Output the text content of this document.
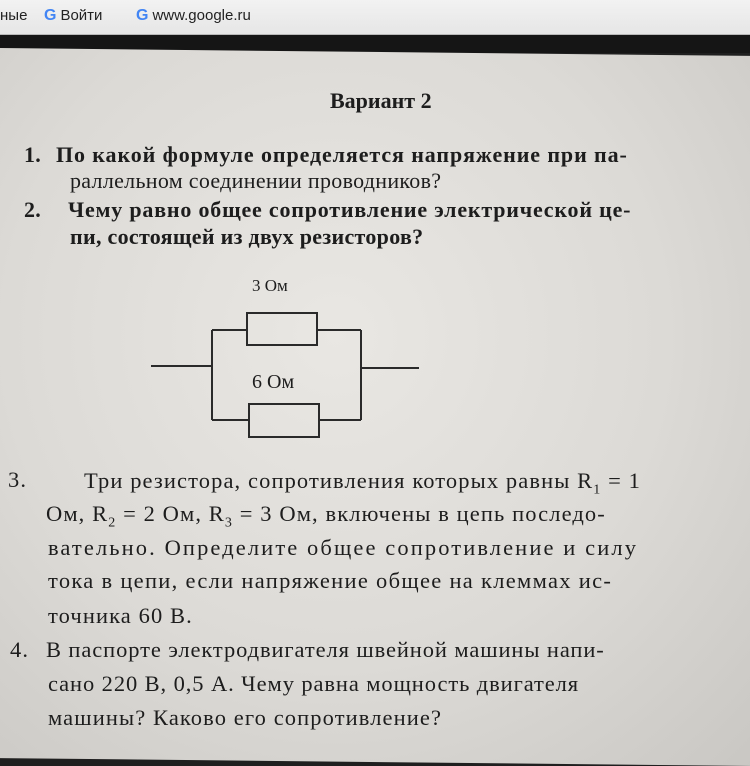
ные G Войти G www.google.ru
Вариант 2
1. По какой формуле определяется напряжение при па-
раллельном соединении проводников?
2. Чему равно общее сопротивление электрической це-
пи, состоящей из двух резисторов?
3 Ом
6 Ом
3.	Три резистора, сопротивления которых равны $R_1 = 1$
Ом, $R_2 = 2$ Ом, $R_3 = 3$ Ом, включены в цепь последо-
вательно. Определите общее сопротивление и силу
тока в цепи, если напряжение общее на клеммах ис-
точника 60 В.
4. В паспорте электродвигателя швейной машины напи-
сано 220 В, 0,5 А. Чему равна мощность двигателя
машины? Каково его сопротивление?
